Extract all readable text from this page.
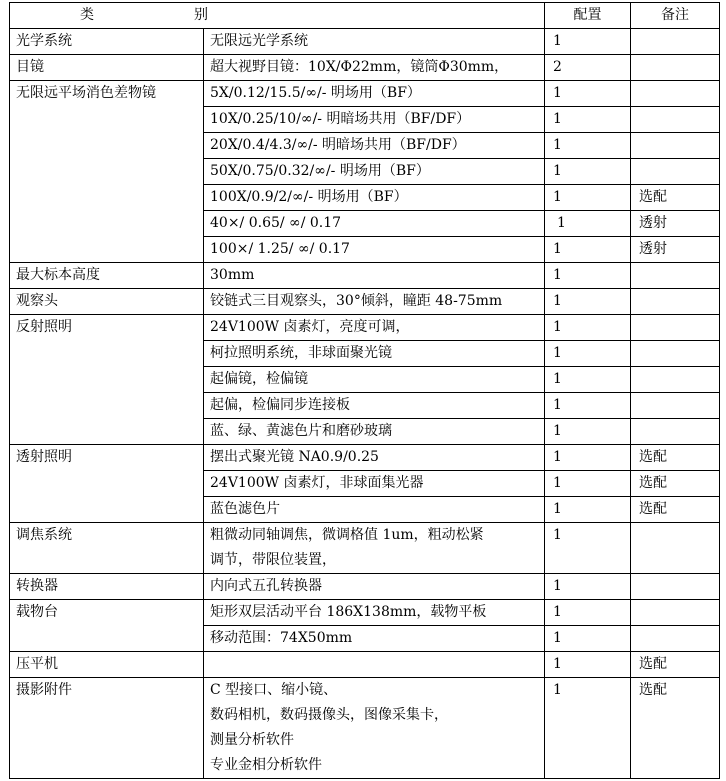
类 别		配置	备注
光学系统	无限远光学系统	1	
目镜	超大视野目镜：10X/Φ22mm，镜筒Φ30mm，	2	
无限远平场消色差物镜	5X/0.12/15.5/∞/- 明场用（BF）	1	
	10X/0.25/10/∞/- 明暗场共用（BF/DF）	1	
	20X/0.4/4.3/∞/- 明暗场共用（BF/DF）	1	
	50X/0.75/0.32/∞/- 明场用（BF）	1	
	100X/0.9/2/∞/- 明场用（BF）	1	选配
	40×/ 0.65/ ∞/ 0.17	1	透射
	100×/ 1.25/ ∞/ 0.17	1	透射
最大标本高度	30mm	1	
观察头	铰链式三目观察头，30°倾斜，瞳距 48-75mm	1	
反射照明	24V100W 卤素灯，亮度可调，	1	
	柯拉照明系统，非球面聚光镜	1	
	起偏镜，检偏镜	1	
	起偏，检偏同步连接板	1	
	蓝、绿、黄滤色片和磨砂玻璃	1	
透射照明	摆出式聚光镜 NA0.9/0.25	1	选配
	24V100W 卤素灯，非球面集光器	1	选配
	蓝色滤色片	1	选配
调焦系统	粗微动同轴调焦，微调格值 1um，粗动松紧
调节，带限位装置，	1	
转换器	内向式五孔转换器	1	
载物台	矩形双层活动平台 186X138mm，载物平板	1	
	移动范围：74X50mm	1	
压平机		1	选配
摄影附件	C 型接口、缩小镜、
数码相机，数码摄像头，图像采集卡，
测量分析软件
专业金相分析软件	1	选配
